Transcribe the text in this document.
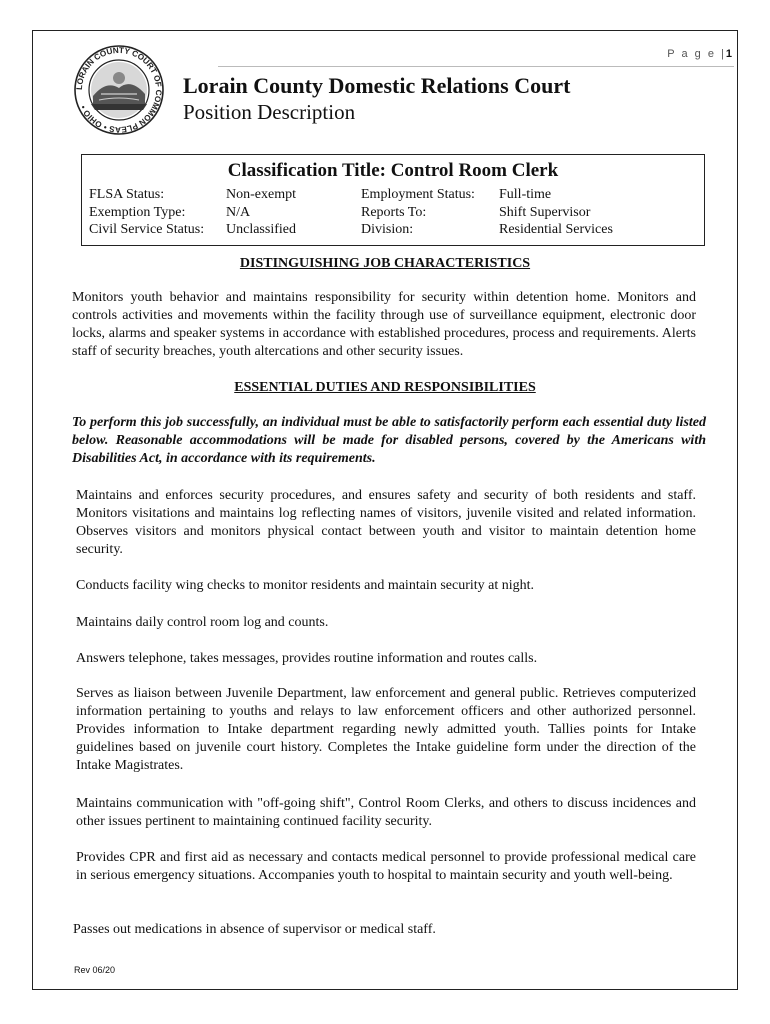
P a g e |1
LORAIN COUNTY COURT OF COMMON PLEAS • OHIO •
Lorain County Domestic Relations Court
Position Description
Classification Title: Control Room Clerk
FLSA Status:	Non-exempt	Employment Status: Full-time
Exemption Type:	N/A	Reports To:	Shift Supervisor
Civil Service Status: Unclassified	Division:	Residential Services
DISTINGUISHING JOB CHARACTERISTICS

Monitors youth behavior and maintains responsibility for security within detention home. Monitors and controls activities and movements within the facility through use of surveillance equipment, electronic door locks, alarms and speaker systems in accordance with established procedures, process and requirements. Alerts staff of security breaches, youth altercations and other security issues.

ESSENTIAL DUTIES AND RESPONSIBILITIES

To perform this job successfully, an individual must be able to satisfactorily perform each essential duty listed below. Reasonable accommodations will be made for disabled persons, covered by the Americans with Disabilities Act, in accordance with its requirements.

Maintains and enforces security procedures, and ensures safety and security of both residents and staff. Monitors visitations and maintains log reflecting names of visitors, juvenile visited and related information. Observes visitors and monitors physical contact between youth and visitor to maintain detention home security.

Conducts facility wing checks to monitor residents and maintain security at night.

Maintains daily control room log and counts.

Answers telephone, takes messages, provides routine information and routes calls.

Serves as liaison between Juvenile Department, law enforcement and general public. Retrieves computerized information pertaining to youths and relays to law enforcement officers and other authorized personnel. Provides information to Intake department regarding newly admitted youth. Tallies points for Intake guidelines based on juvenile court history. Completes the Intake guideline form under the direction of the Intake Magistrates.

Maintains communication with "off-going shift", Control Room Clerks, and others to discuss incidences and other issues pertinent to maintaining continued facility security.

Provides CPR and first aid as necessary and contacts medical personnel to provide professional medical care in serious emergency situations. Accompanies youth to hospital to maintain security and youth well-being.

Passes out medications in absence of supervisor or medical staff.

Rev 06/20
